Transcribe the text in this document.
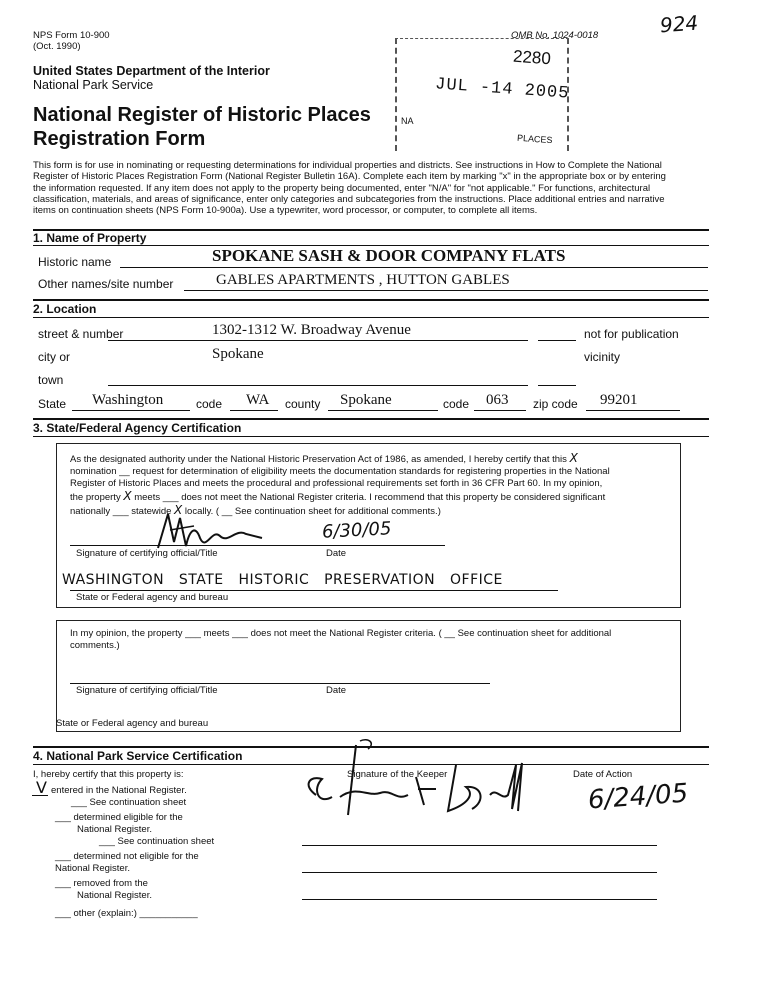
NPS Form 10-900
(Oct. 1990)
OMB No. 1024-0018	924
United States Department of the Interior
National Park Service
National Register of Historic Places
Registration Form
2280
JUL -14 2005
NA
PLACES
This form is for use in nominating or requesting determinations for individual properties and districts. See instructions in How to Complete the National
Register of Historic Places Registration Form (National Register Bulletin 16A). Complete each item by marking "x" in the appropriate box or by entering
the information requested. If any item does not apply to the property being documented, enter "N/A" for "not applicable." For functions, architectural
classification, materials, and areas of significance, enter only categories and subcategories from the instructions. Place additional entries and narrative
items on continuation sheets (NPS Form 10-900a). Use a typewriter, word processor, or computer, to complete all items.
1. Name of Property
Historic name	SPOKANE SASH & DOOR COMPANY FLATS
Other names/site number	GABLES APARTMENTS , HUTTON GABLES
2. Location
street & number	1302-1312 W. Broadway Avenue	not for publication
city or
town
Spokane	vicinity
State Washington	code WA county Spokane	code 063 zip code 99201
3. State/Federal Agency Certification
As the designated authority under the National Historic Preservation Act of 1986, as amended, I hereby certify that this X
nomination __ request for determination of eligibility meets the documentation standards for registering properties in the National
Register of Historic Places and meets the procedural and professional requirements set forth in 36 CFR Part 60. In my opinion,
the property X meets ___ does not meet the National Register criteria. I recommend that this property be considered significant
nationally ___ statewide X locally. ( __ See continuation sheet for additional comments.)
6/30/05
Signature of certifying official/Title	Date
WASHINGTON   STATE   HISTORIC   PRESERVATION   OFFICE
State or Federal agency and bureau
In my opinion, the property ___ meets ___ does not meet the National Register criteria. ( __ See continuation sheet for additional
comments.)
Signature of certifying official/Title	Date
State or Federal agency and bureau
4. National Park Service Certification
I, hereby certify that this property is:	Signature of the Keeper	Date of Action
6/24/05
V entered in the National Register.
___ See continuation sheet
___ determined eligible for the
National Register.
___ See continuation sheet
___ determined not eligible for the
National Register.
___ removed from the
National Register.
___ other (explain:) ___________
